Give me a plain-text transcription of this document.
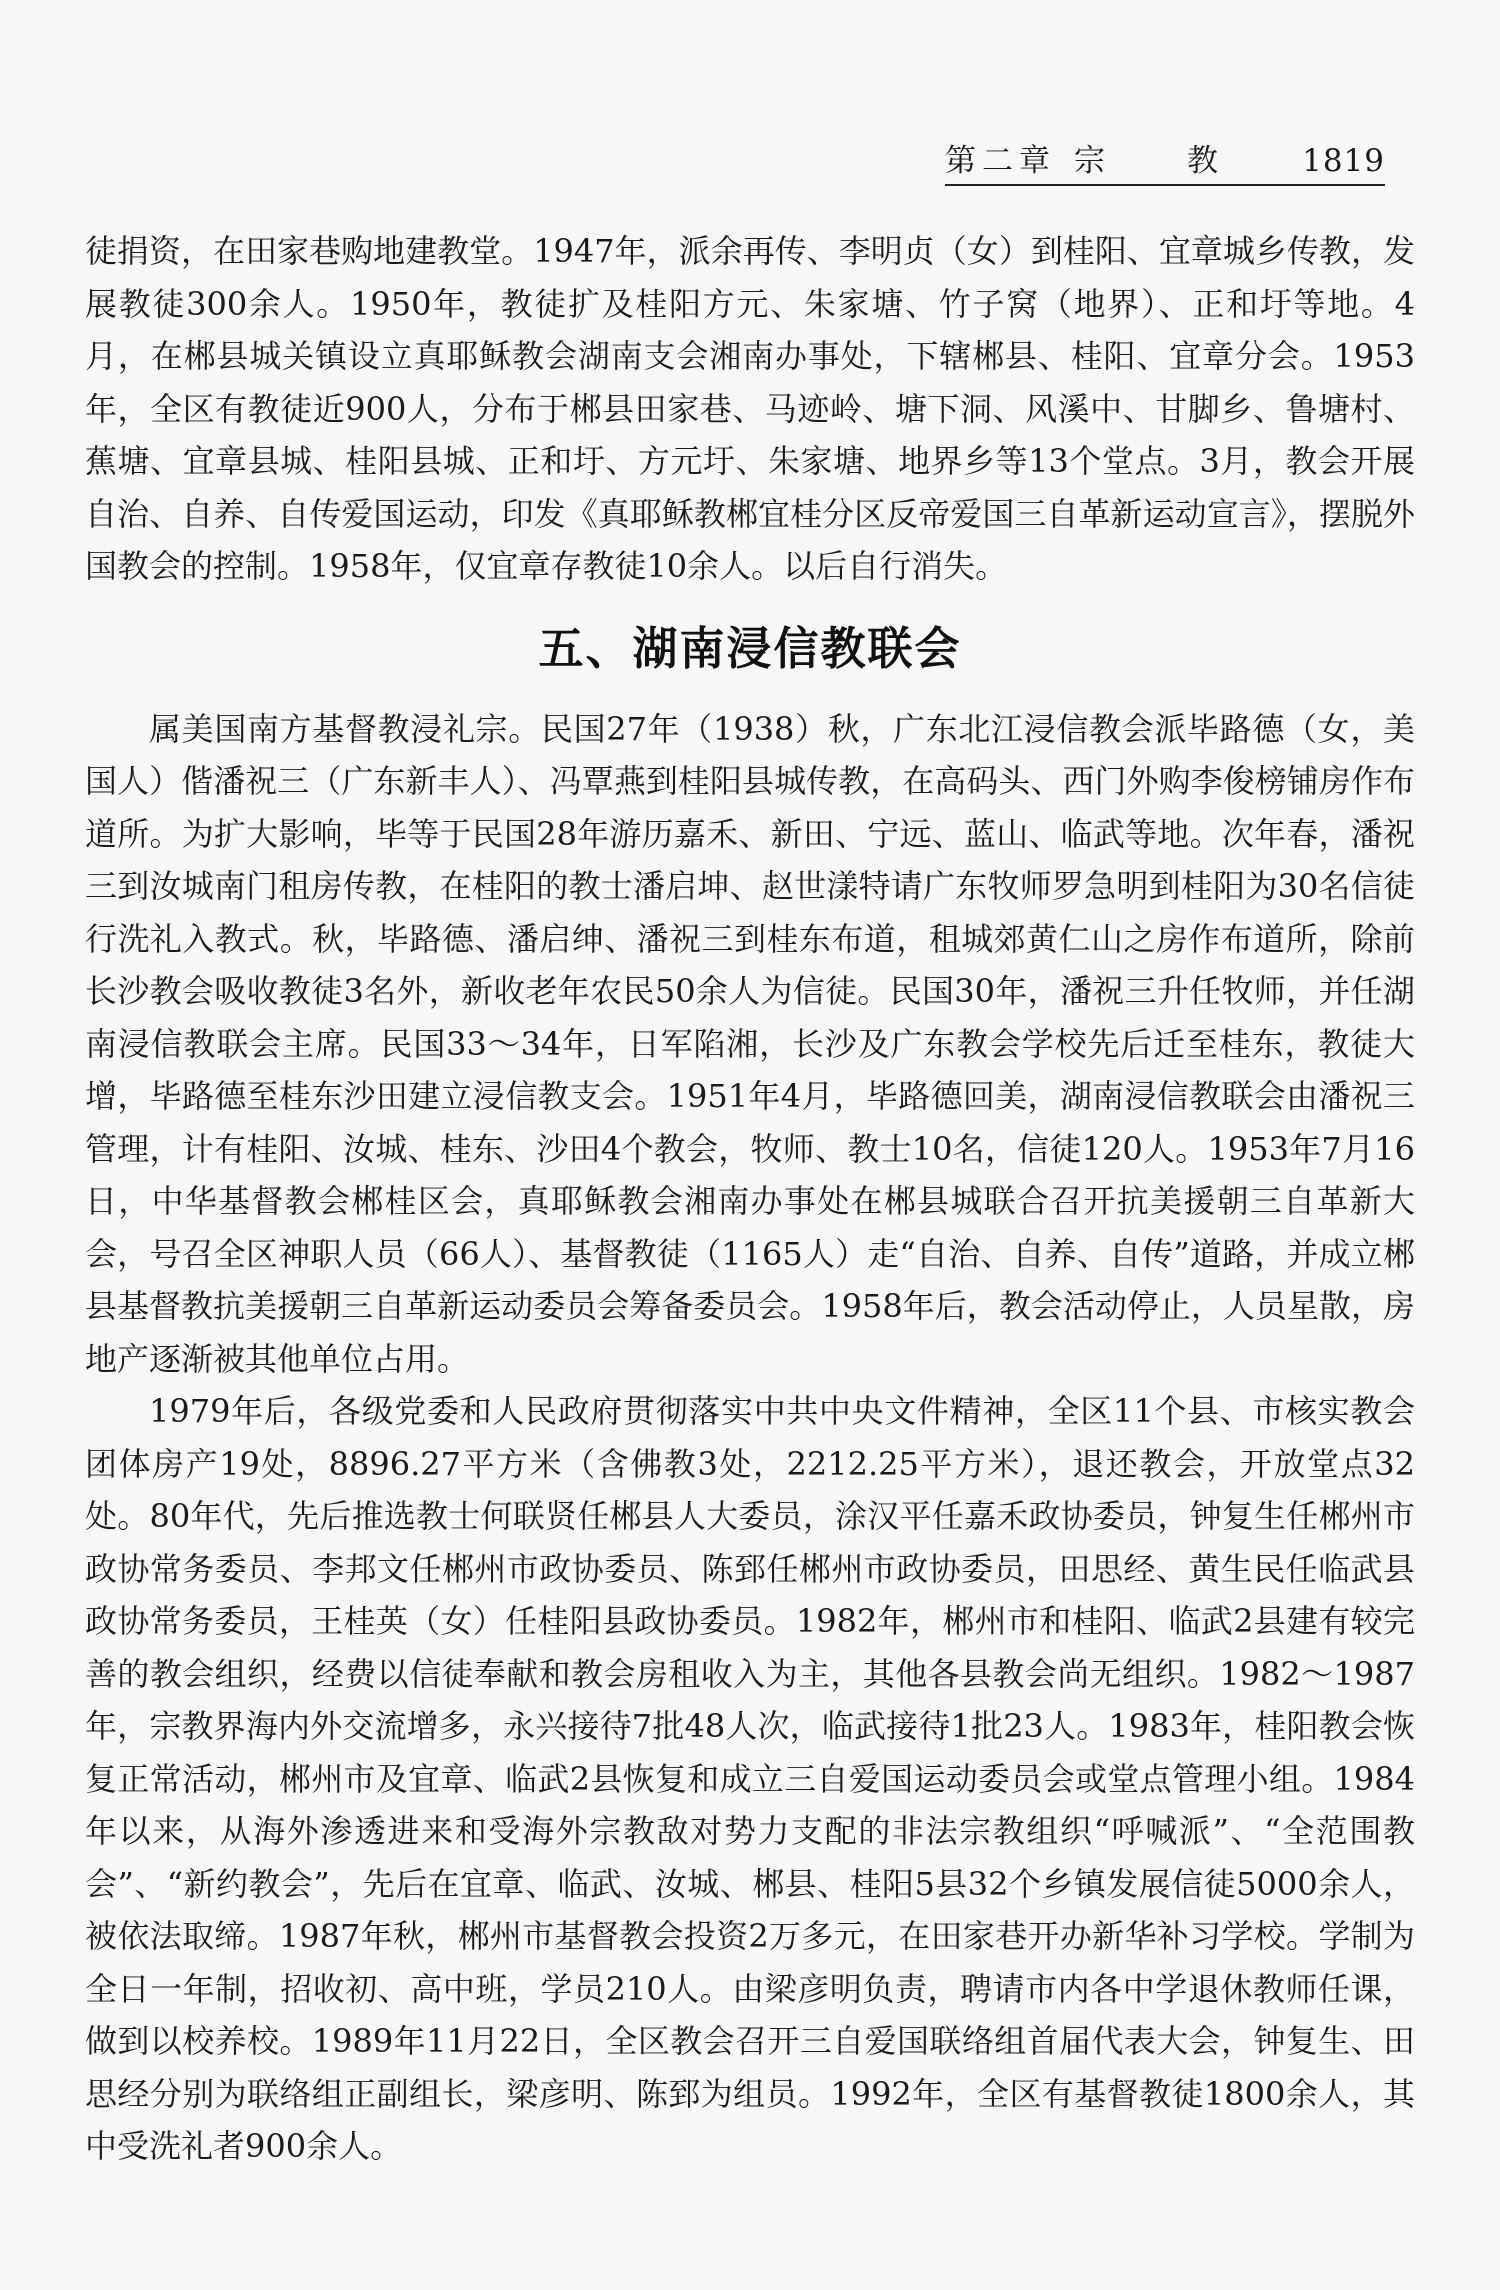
第二章 宗	教	1819

徒捐资，在田家巷购地建教堂。1947年，派余再传、李明贞（女）到桂阳、宜章城乡传教，发展教徒300余人。1950年，教徒扩及桂阳方元、朱家塘、竹子窝（地界）、正和圩等地。4月，在郴县城关镇设立真耶稣教会湖南支会湘南办事处，下辖郴县、桂阳、宜章分会。1953年，全区有教徒近900人，分布于郴县田家巷、马迹岭、塘下洞、风溪中、甘脚乡、鲁塘村、蕉塘、宜章县城、桂阳县城、正和圩、方元圩、朱家塘、地界乡等13个堂点。3月，教会开展自治、自养、自传爱国运动，印发《真耶稣教郴宜桂分区反帝爱国三自革新运动宣言》，摆脱外国教会的控制。1958年，仅宜章存教徒10余人。以后自行消失。

五、湖南浸信教联会

属美国南方基督教浸礼宗。民国27年（1938）秋，广东北江浸信教会派毕路德（女，美国人）偕潘祝三（广东新丰人）、冯覃燕到桂阳县城传教，在高码头、西门外购李俊榜铺房作布道所。为扩大影响，毕等于民国28年游历嘉禾、新田、宁远、蓝山、临武等地。次年春，潘祝三到汝城南门租房传教，在桂阳的教士潘启坤、赵世漾特请广东牧师罗急明到桂阳为30名信徒行洗礼入教式。秋，毕路德、潘启绅、潘祝三到桂东布道，租城郊黄仁山之房作布道所，除前长沙教会吸收教徒3名外，新收老年农民50余人为信徒。民国30年，潘祝三升任牧师，并任湖南浸信教联会主席。民国33～34年，日军陷湘，长沙及广东教会学校先后迁至桂东，教徒大增，毕路德至桂东沙田建立浸信教支会。1951年4月，毕路德回美，湖南浸信教联会由潘祝三管理，计有桂阳、汝城、桂东、沙田4个教会，牧师、教士10名，信徒120人。1953年7月16日，中华基督教会郴桂区会，真耶稣教会湘南办事处在郴县城联合召开抗美援朝三自革新大会，号召全区神职人员（66人）、基督教徒（1165人）走“自治、自养、自传”道路，并成立郴县基督教抗美援朝三自革新运动委员会筹备委员会。1958年后，教会活动停止，人员星散，房地产逐渐被其他单位占用。

1979年后，各级党委和人民政府贯彻落实中共中央文件精神，全区11个县、市核实教会团体房产19处，8896.27平方米（含佛教3处，2212.25平方米），退还教会，开放堂点32处。80年代，先后推选教士何联贤任郴县人大委员，涂汉平任嘉禾政协委员，钟复生任郴州市政协常务委员、李邦文任郴州市政协委员、陈郅任郴州市政协委员，田思经、黄生民任临武县政协常务委员，王桂英（女）任桂阳县政协委员。1982年，郴州市和桂阳、临武2县建有较完善的教会组织，经费以信徒奉献和教会房租收入为主，其他各县教会尚无组织。1982～1987年，宗教界海内外交流增多，永兴接待7批48人次，临武接待1批23人。1983年，桂阳教会恢复正常活动，郴州市及宜章、临武2县恢复和成立三自爱国运动委员会或堂点管理小组。1984年以来，从海外渗透进来和受海外宗教敌对势力支配的非法宗教组织“呼喊派”、“全范围教会”、“新约教会”，先后在宜章、临武、汝城、郴县、桂阳5县32个乡镇发展信徒5000余人，被依法取缔。1987年秋，郴州市基督教会投资2万多元，在田家巷开办新华补习学校。学制为全日一年制，招收初、高中班，学员210人。由梁彦明负责，聘请市内各中学退休教师任课，做到以校养校。1989年11月22日，全区教会召开三自爱国联络组首届代表大会，钟复生、田思经分别为联络组正副组长，梁彦明、陈郅为组员。1992年，全区有基督教徒1800余人，其中受洗礼者900余人。
